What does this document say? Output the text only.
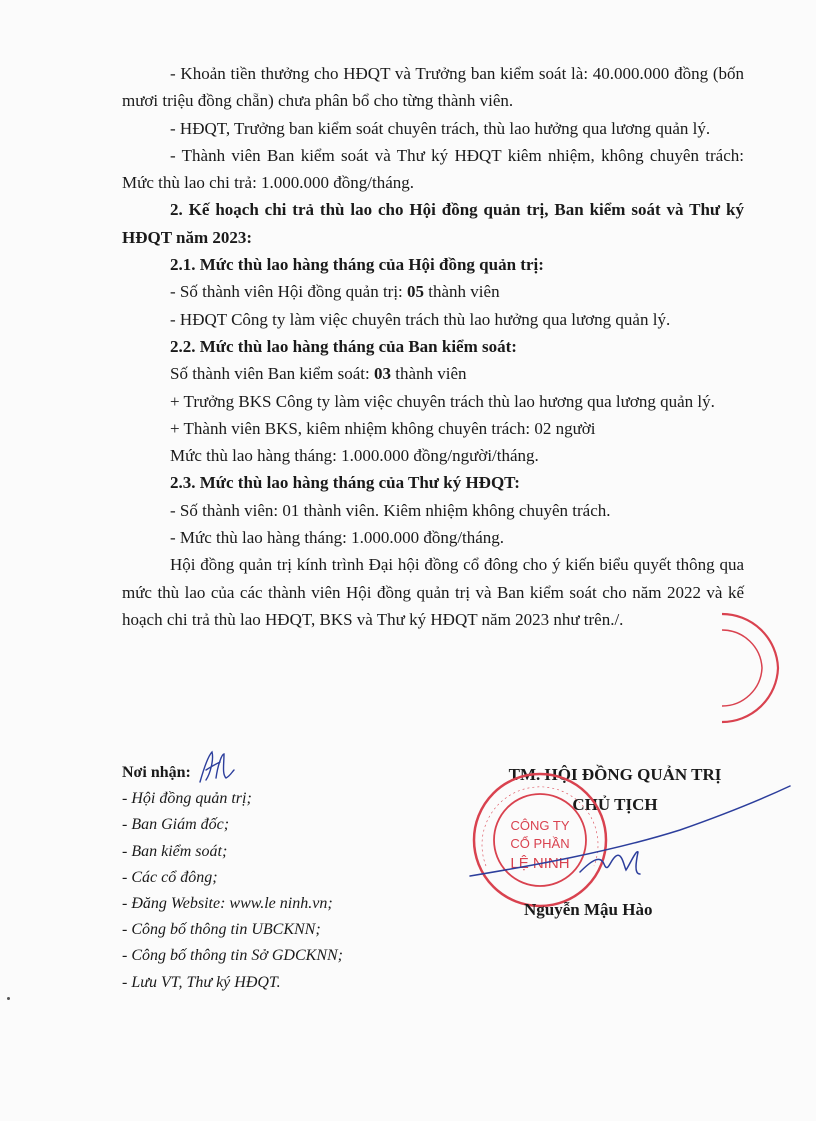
- Khoản tiền thưởng cho HĐQT và Trưởng ban kiểm soát là: 40.000.000 đồng (bốn mươi triệu đồng chẵn) chưa phân bổ cho từng thành viên.

- HĐQT, Trưởng ban kiểm soát chuyên trách, thù lao hưởng qua lương quản lý.

- Thành viên Ban kiểm soát và Thư ký HĐQT kiêm nhiệm, không chuyên trách: Mức thù lao chi trả: 1.000.000 đồng/tháng.

2. Kế hoạch chi trả thù lao cho Hội đồng quản trị, Ban kiểm soát và Thư ký HĐQT năm 2023:

2.1. Mức thù lao hàng tháng của Hội đồng quản trị:

- Số thành viên Hội đồng quản trị: 05 thành viên

- HĐQT Công ty làm việc chuyên trách thù lao hưởng qua lương quản lý.

2.2. Mức thù lao hàng tháng của Ban kiểm soát:

Số thành viên Ban kiểm soát: 03 thành viên

+ Trưởng BKS Công ty làm việc chuyên trách thù lao hương qua lương quản lý.

+ Thành viên BKS, kiêm nhiệm không chuyên trách: 02 người

Mức thù lao hàng tháng: 1.000.000 đồng/người/tháng.

2.3. Mức thù lao hàng tháng của Thư ký HĐQT:

- Số thành viên: 01 thành viên. Kiêm nhiệm không chuyên trách.

- Mức thù lao hàng tháng: 1.000.000 đồng/tháng.

Hội đồng quản trị kính trình Đại hội đồng cổ đông cho ý kiến biểu quyết thông qua mức thù lao của các thành viên Hội đồng quản trị và Ban kiểm soát cho năm 2022 và kế hoạch chi trả thù lao HĐQT, BKS và Thư ký HĐQT năm 2023 như trên./.

Nơi nhận:
- Hội đồng quản trị;
- Ban Giám đốc;
- Ban kiểm soát;
- Các cổ đông;
- Đăng Website: www.le ninh.vn;
- Công bố thông tin UBCKNN;
- Công bố thông tin Sở GDCKNN;
- Lưu VT, Thư ký HĐQT.
TM. HỘI ĐỒNG QUẢN TRỊ
CHỦ TỊCH
CÔNG TY
CỔ PHẦN
LỆ NINH
Nguyễn Mậu Hào
